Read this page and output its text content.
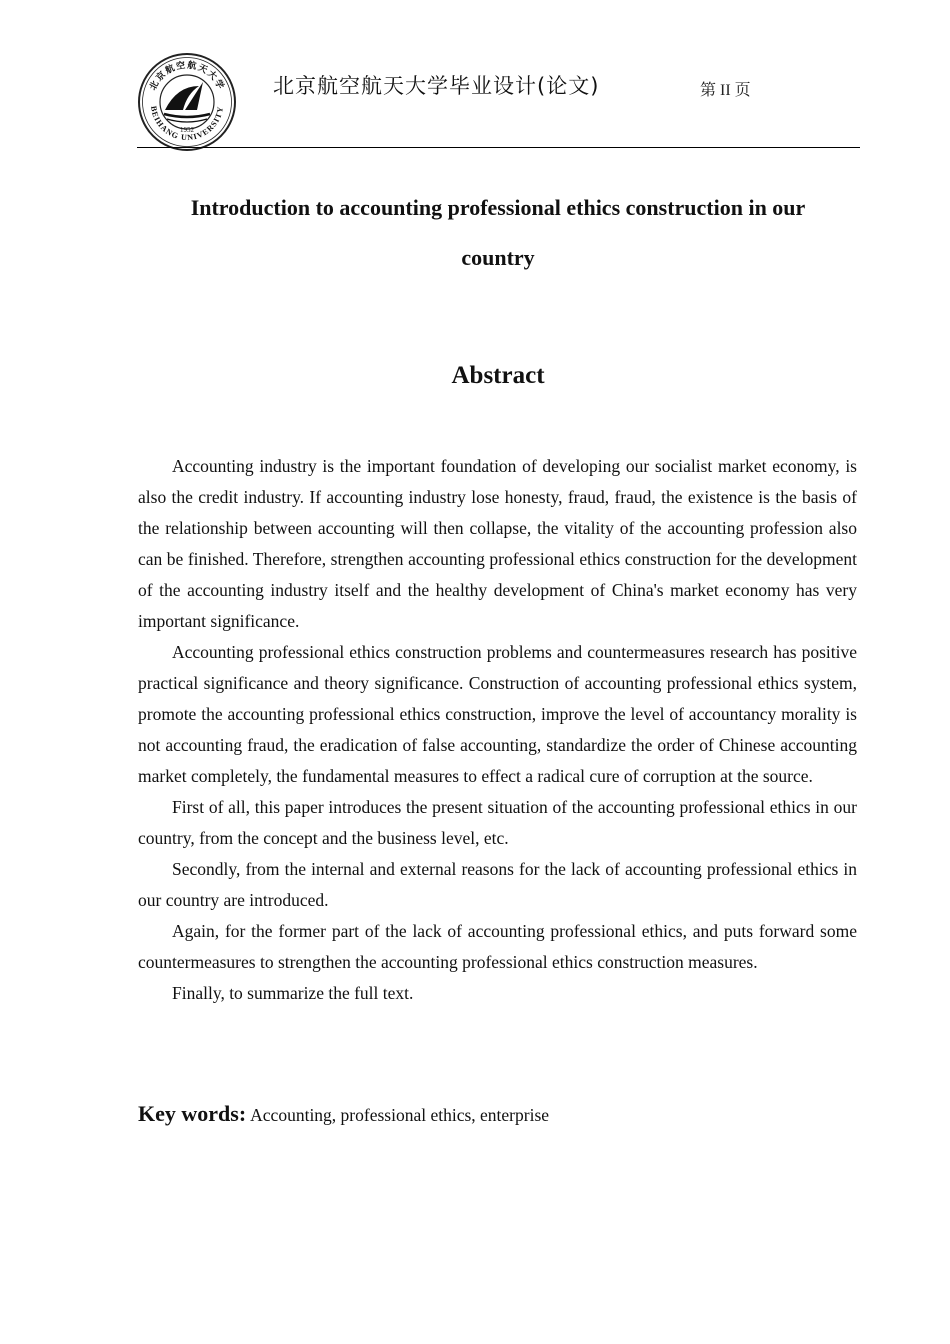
北京航空航天大学
BEIHANG UNIVERSITY
1952
北京航空航天大学毕业设计(论文)	第 II 页
Introduction to accounting professional ethics construction in our
country
Abstract

Accounting industry is the important foundation of developing our socialist market economy, is also the credit industry. If accounting industry lose honesty, fraud, fraud, the existence is the basis of the relationship between accounting will then collapse, the vitality of the accounting profession also can be finished. Therefore, strengthen accounting professional ethics construction for the development of the accounting industry itself and the healthy development of China's market economy has very important significance.

Accounting professional ethics construction problems and countermeasures research has positive practical significance and theory significance. Construction of accounting professional ethics system, promote the accounting professional ethics construction, improve the level of accountancy morality is not accounting fraud, the eradication of false accounting, standardize the order of Chinese accounting market completely, the fundamental measures to effect a radical cure of corruption at the source.

First of all, this paper introduces the present situation of the accounting professional ethics in our country, from the concept and the business level, etc.

Secondly, from the internal and external reasons for the lack of accounting professional ethics in our country are introduced.

Again, for the former part of the lack of accounting professional ethics, and puts forward some countermeasures to strengthen the accounting professional ethics construction measures.

Finally, to summarize the full text.

Key words: Accounting, professional ethics, enterprise
